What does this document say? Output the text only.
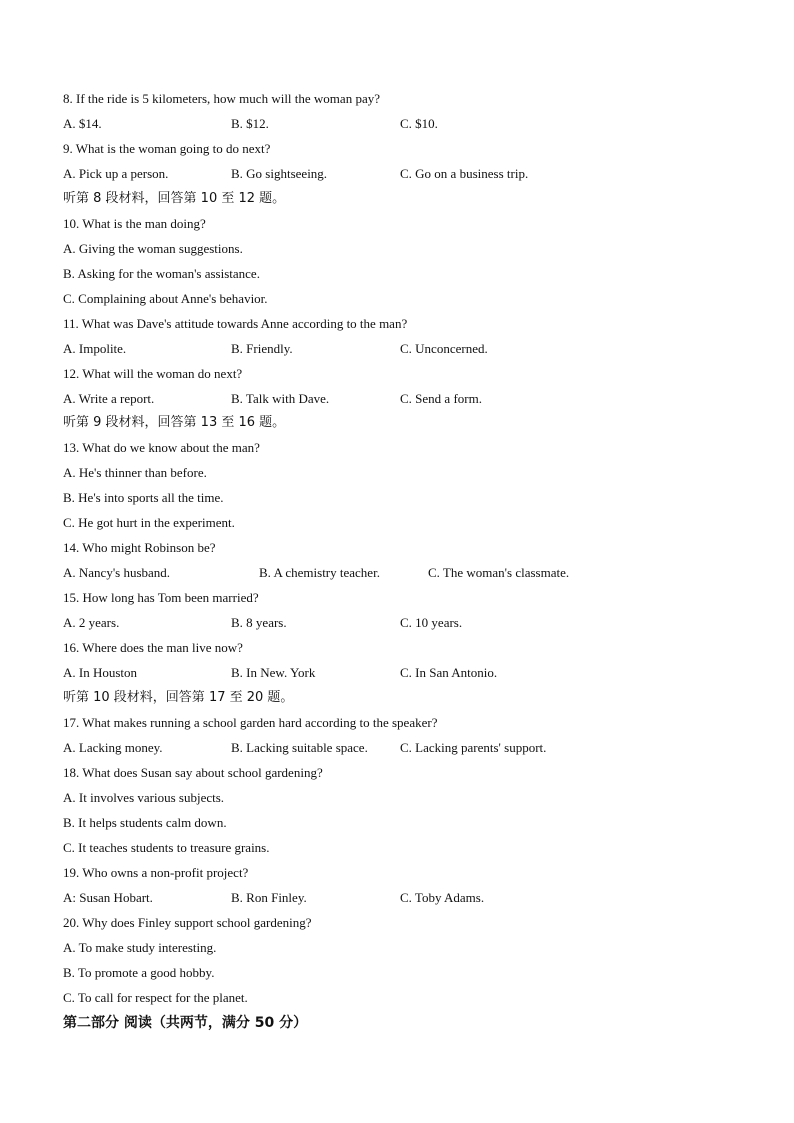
8. If the ride is 5 kilometers, how much will the woman pay?
A. $14.	B. $12.	C. $10.
9. What is the woman going to do next?
A. Pick up a person.	B. Go sightseeing.	C. Go on a business trip.
听第 8 段材料，回答第 10 至 12 题。
10. What is the man doing?
A. Giving the woman suggestions.
B. Asking for the woman's assistance.
C. Complaining about Anne's behavior.
11. What was Dave's attitude towards Anne according to the man?
A. Impolite.	B. Friendly.	C. Unconcerned.
12. What will the woman do next?
A. Write a report.	B. Talk with Dave.	C. Send a form.
听第 9 段材料，回答第 13 至 16 题。
13. What do we know about the man?
A. He's thinner than before.
B. He's into sports all the time.
C. He got hurt in the experiment.
14. Who might Robinson be?
A. Nancy's husband.	B. A chemistry teacher.	C. The woman's classmate.
15. How long has Tom been married?
A. 2 years.	B. 8 years.	C. 10 years.
16. Where does the man live now?
A. In Houston	B. In New. York	C. In San Antonio.
听第 10 段材料，回答第 17 至 20 题。
17. What makes running a school garden hard according to the speaker?
A. Lacking money.	B. Lacking suitable space. C. Lacking parents' support.
18. What does Susan say about school gardening?
A. It involves various subjects.
B. It helps students calm down.
C. It teaches students to treasure grains.
19. Who owns a non-profit project?
A: Susan Hobart.	B. Ron Finley.	C. Toby Adams.
20. Why does Finley support school gardening?
A. To make study interesting.
B. To promote a good hobby.
C. To call for respect for the planet.
第二部分 阅读（共两节，满分 50 分）
